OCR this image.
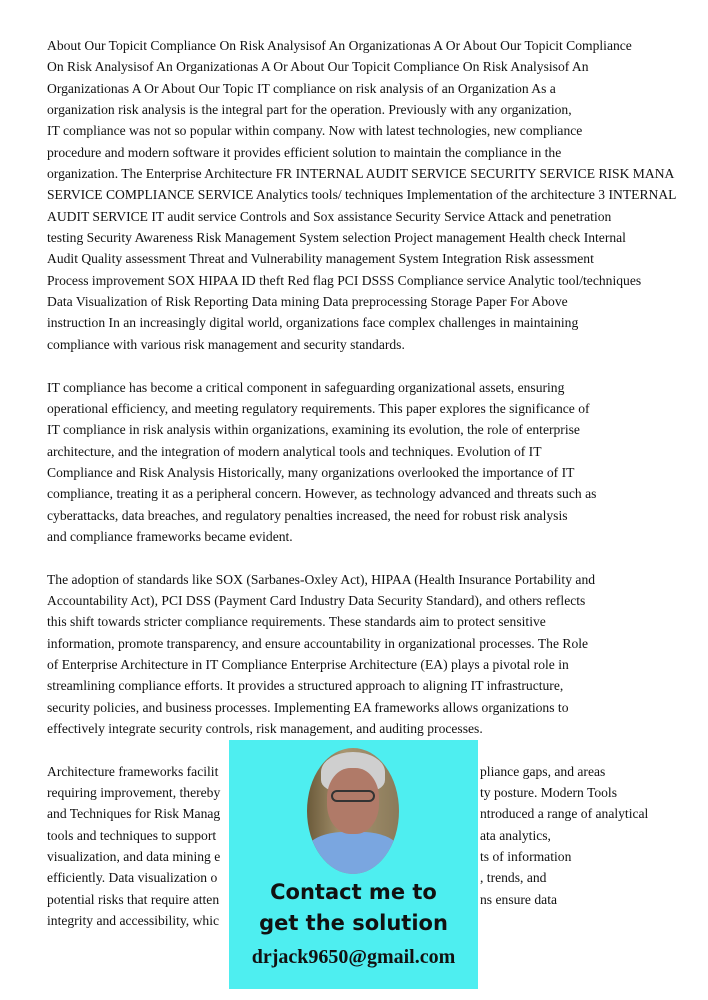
About Our Topicit Compliance On Risk Analysisof An Organizationas A Or About Our Topicit Compliance
On Risk Analysisof An Organizationas A Or About Our Topicit Compliance On Risk Analysisof An
Organizationas A Or About Our Topic IT compliance on risk analysis of an Organization As a
organization risk analysis is the integral part for the operation. Previously with any organization,
IT compliance was not so popular within company. Now with latest technologies, new compliance
procedure and modern software it provides efficient solution to maintain the compliance in the
organization. The Enterprise Architecture FR INTERNAL AUDIT SERVICE SECURITY SERVICE RISK MANA
SERVICE COMPLIANCE SERVICE Analytics tools/ techniques Implementation of the architecture 3 INTERNAL
AUDIT SERVICE IT audit service Controls and Sox assistance Security Service Attack and penetration
testing Security Awareness Risk Management System selection Project management Health check Internal
Audit Quality assessment Threat and Vulnerability management System Integration Risk assessment
Process improvement SOX HIPAA ID theft Red flag PCI DSSS Compliance service Analytic tool/techniques
Data Visualization of Risk Reporting Data mining Data preprocessing Storage Paper For Above
instruction In an increasingly digital world, organizations face complex challenges in maintaining
compliance with various risk management and security standards.
IT compliance has become a critical component in safeguarding organizational assets, ensuring
operational efficiency, and meeting regulatory requirements. This paper explores the significance of
IT compliance in risk analysis within organizations, examining its evolution, the role of enterprise
architecture, and the integration of modern analytical tools and techniques. Evolution of IT
Compliance and Risk Analysis Historically, many organizations overlooked the importance of IT
compliance, treating it as a peripheral concern. However, as technology advanced and threats such as
cyberattacks, data breaches, and regulatory penalties increased, the need for robust risk analysis
and compliance frameworks became evident.
The adoption of standards like SOX (Sarbanes-Oxley Act), HIPAA (Health Insurance Portability and
Accountability Act), PCI DSS (Payment Card Industry Data Security Standard), and others reflects
this shift towards stricter compliance requirements. These standards aim to protect sensitive
information, promote transparency, and ensure accountability in organizational processes. The Role
of Enterprise Architecture in IT Compliance Enterprise Architecture (EA) plays a pivotal role in
streamlining compliance efforts. It provides a structured approach to aligning IT infrastructure,
security policies, and business processes. Implementing EA frameworks allows organizations to
effectively integrate security controls, risk management, and auditing processes.
Architecture frameworks facilit	pliance gaps, and areas
requiring improvement, thereby	ty posture. Modern Tools
and Techniques for Risk Manag	ntroduced a range of analytical
tools and techniques to support	ata analytics,
visualization, and data mining e	ts of information
efficiently. Data visualization o	, trends, and
potential risks that require atten	ns ensure data
integrity and accessibility, whic
Contact me to
get the solution
drjack9650@gmail.com
